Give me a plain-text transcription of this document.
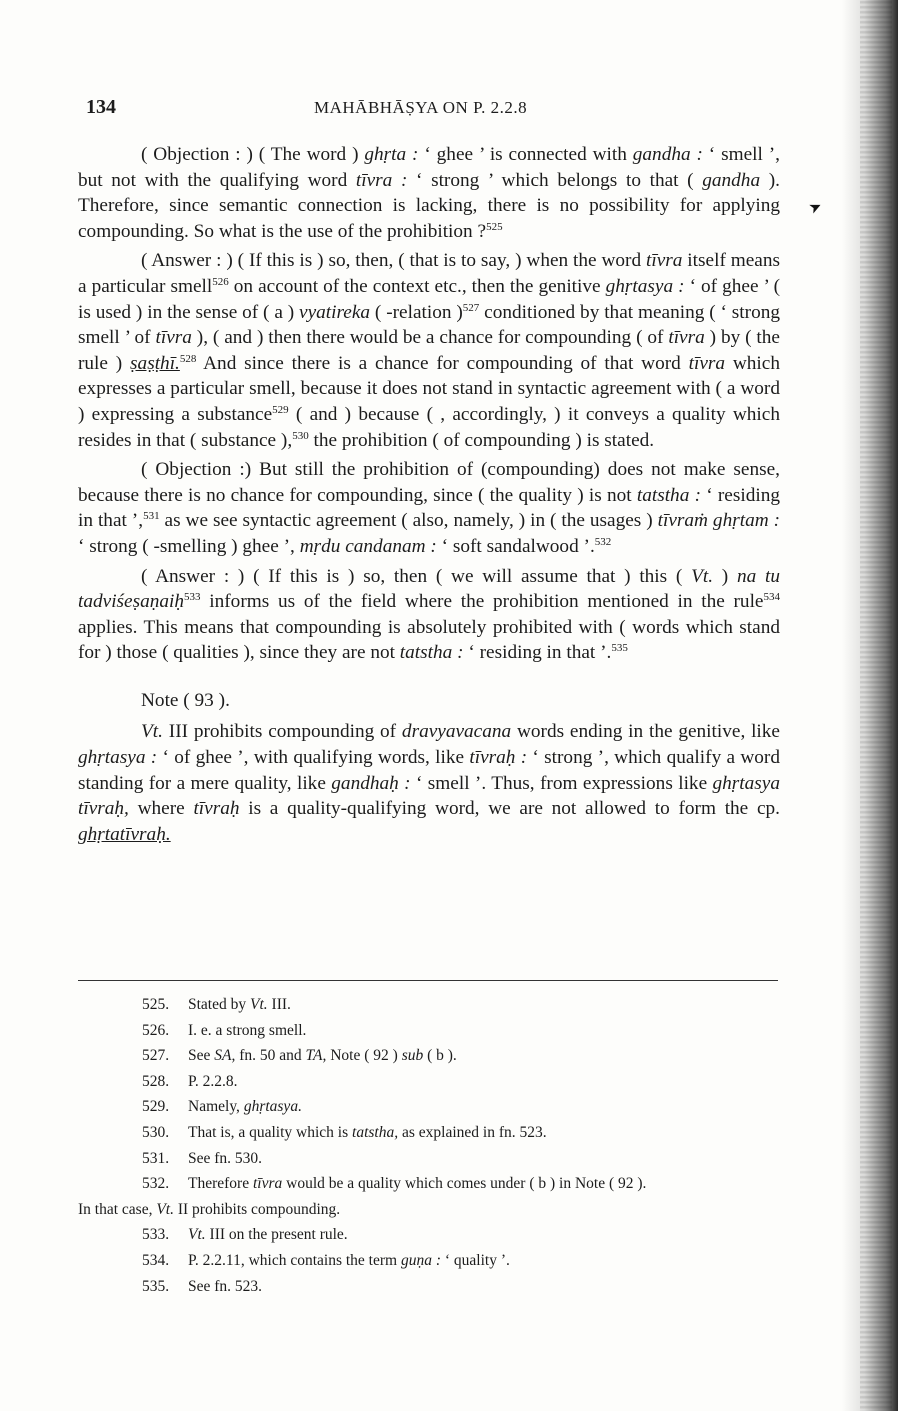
➤
134	MAHĀBHĀṢYA ON P. 2.2.8

( Objection : ) ( The word ) ghṛta : ‘ ghee ’ is connected with gandha : ‘ smell ’, but not with the qualifying word tīvra : ‘ strong ’ which belongs to that ( gandha ). Therefore, since semantic connection is lacking, there is no possibility for applying compounding. So what is the use of the prohibition ?$^{525}$

( Answer : ) ( If this is ) so, then, ( that is to say, ) when the word tīvra itself means a particular smell$^{526}$ on account of the context etc., then the genitive ghṛtasya : ‘ of ghee ’ ( is used ) in the sense of ( a ) vyatireka ( -relation )$^{527}$ conditioned by that meaning ( ‘ strong smell ’ of tīvra ), ( and ) then there would be a chance for compounding ( of tīvra ) by ( the rule ) ṣaṣṭhī.$^{528}$ And since there is a chance for compounding of that word tīvra which expresses a particular smell, because it does not stand in syntactic agreement with ( a word ) expressing a substance$^{529}$ ( and ) because ( , accordingly, ) it conveys a quality which resides in that ( substance ),$^{530}$ the prohibition ( of compounding ) is stated.

( Objection :) But still the prohibition of (compounding) does not make sense, because there is no chance for compounding, since ( the quality ) is not tatstha : ‘ residing in that ’,$^{531}$ as we see syntactic agreement ( also, namely, ) in ( the usages ) tīvraṁ ghṛtam : ‘ strong ( -smelling ) ghee ’, mṛdu candanam : ‘ soft sandalwood ’.$^{532}$

( Answer : ) ( If this is ) so, then ( we will assume that ) this ( Vt. ) na tu tadviśeṣaṇaiḥ$^{533}$ informs us of the field where the prohibition mentioned in the rule$^{534}$ applies. This means that compounding is absolutely prohibited with ( words which stand for ) those ( qualities ), since they are not tatstha : ‘ residing in that ’.$^{535}$

Note ( 93 ).

Vt. III prohibits compounding of dravyavacana words ending in the genitive, like ghṛtasya : ‘ of ghee ’, with qualifying words, like tīvraḥ : ‘ strong ’, which qualify a word standing for a mere quality, like gandhaḥ : ‘ smell ’. Thus, from expressions like ghṛtasya tīvraḥ, where tīvraḥ is a quality-qualifying word, we are not allowed to form the cp. ghṛtatīvraḥ.

525. Stated by Vt. III.
526. I. e. a strong smell.
527. See SA, fn. 50 and TA, Note ( 92 ) sub ( b ).
528. P. 2.2.8.
529. Namely, ghṛtasya.
530. That is, a quality which is tatstha, as explained in fn. 523.
531. See fn. 530.
532. Therefore tīvra would be a quality which comes under ( b ) in Note ( 92 ).
In that case, Vt. II prohibits compounding.
533. Vt. III on the present rule.
534. P. 2.2.11, which contains the term guṇa : ‘ quality ’.
535. See fn. 523.
